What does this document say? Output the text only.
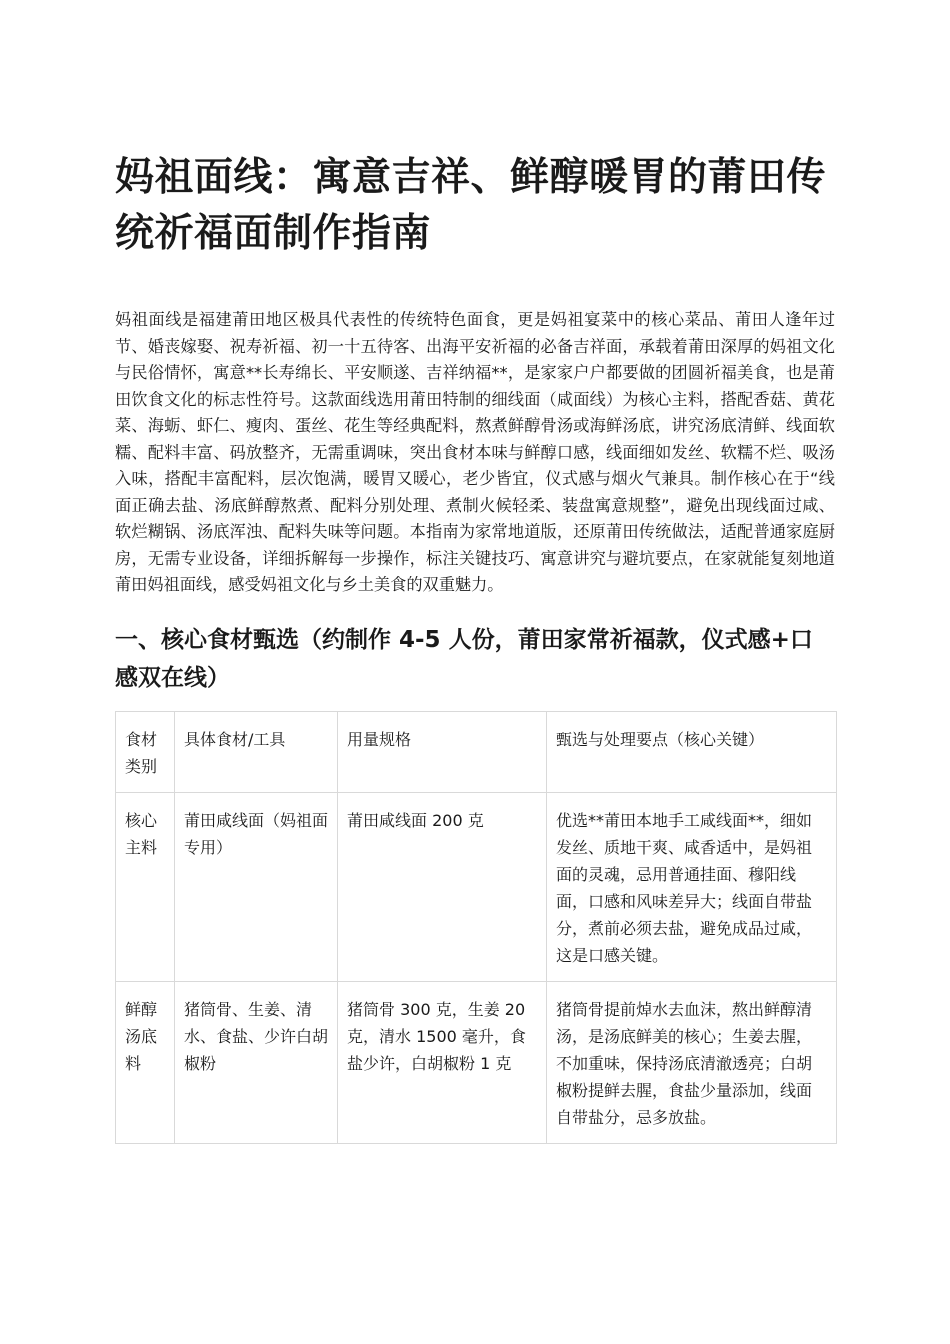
妈祖面线：寓意吉祥、鲜醇暖胃的莆田传统祈福面制作指南

妈祖面线是福建莆田地区极具代表性的传统特色面食，更是妈祖宴菜中的核心菜品、莆田人逢年过节、婚丧嫁娶、祝寿祈福、初一十五待客、出海平安祈福的必备吉祥面，承载着莆田深厚的妈祖文化与民俗情怀，寓意**长寿绵长、平安顺遂、吉祥纳福**，是家家户户都要做的团圆祈福美食，也是莆田饮食文化的标志性符号。这款面线选用莆田特制的细线面（咸面线）为核心主料，搭配香菇、黄花菜、海蛎、虾仁、瘦肉、蛋丝、花生等经典配料，熬煮鲜醇骨汤或海鲜汤底，讲究汤底清鲜、线面软糯、配料丰富、码放整齐，无需重调味，突出食材本味与鲜醇口感，线面细如发丝、软糯不烂、吸汤入味，搭配丰富配料，层次饱满，暖胃又暖心，老少皆宜，仪式感与烟火气兼具。制作核心在于“线面正确去盐、汤底鲜醇熬煮、配料分别处理、煮制火候轻柔、装盘寓意规整”，避免出现线面过咸、软烂糊锅、汤底浑浊、配料失味等问题。本指南为家常地道版，还原莆田传统做法，适配普通家庭厨房，无需专业设备，详细拆解每一步操作，标注关键技巧、寓意讲究与避坑要点，在家就能复刻地道莆田妈祖面线，感受妈祖文化与乡土美食的双重魅力。

一、核心食材甄选（约制作 4-5 人份，莆田家常祈福款，仪式感+口感双在线）
食材类别	具体食材/工具	用量规格	甄选与处理要点（核心关键）
核心主料	莆田咸线面（妈祖面专用）	莆田咸线面 200 克	优选**莆田本地手工咸线面**，细如发丝、质地干爽、咸香适中，是妈祖面的灵魂，忌用普通挂面、穆阳线面，口感和风味差异大；线面自带盐分，煮前必须去盐，避免成品过咸，这是口感关键。
鲜醇汤底料	猪筒骨、生姜、清水、食盐、少许白胡椒粉	猪筒骨 300 克，生姜 20 克，清水 1500 毫升，食盐少许，白胡椒粉 1 克	猪筒骨提前焯水去血沫，熬出鲜醇清汤，是汤底鲜美的核心；生姜去腥，不加重味，保持汤底清澈透亮；白胡椒粉提鲜去腥，食盐少量添加，线面自带盐分，忌多放盐。
